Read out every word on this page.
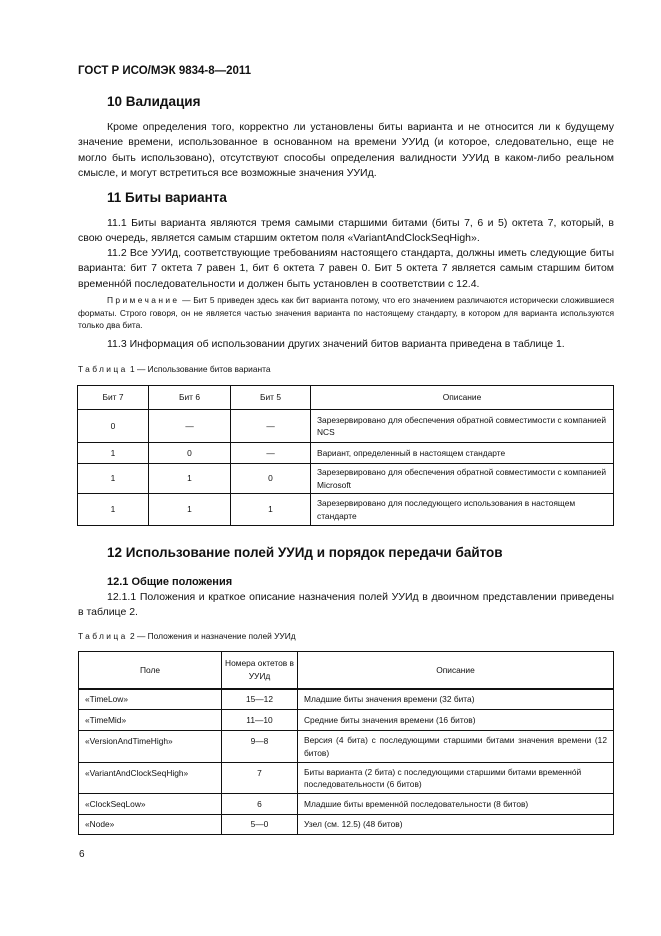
ГОСТ Р ИСО/МЭК 9834-8—2011
10 Валидация
Кроме определения того, корректно ли установлены биты варианта и не относится ли к будущему значение времени, использованное в основанном на времени УУИд (и которое, следовательно, еще не могло быть использовано), отсутствуют способы определения валидности УУИд в каком-либо реальном смысле, и могут встретиться все возможные значения УУИд.
11 Биты варианта
11.1 Биты варианта являются тремя самыми старшими битами (биты 7, 6 и 5) октета 7, который, в свою очередь, является самым старшим октетом поля «VariantAndClockSeqHigh».
11.2 Все УУИд, соответствующие требованиям настоящего стандарта, должны иметь следующие биты варианта: бит 7 октета 7 равен 1, бит 6 октета 7 равен 0. Бит 5 октета 7 является самым старшим битом временнóй последовательности и должен быть установлен в соответствии с 12.4.
Примечание — Бит 5 приведен здесь как бит варианта потому, что его значением различаются исторически сложившиеся форматы. Строго говоря, он не является частью значения варианта по настоящему стандарту, в котором для варианта используются только два бита.
11.3 Информация об использовании других значений битов варианта приведена в таблице 1.
Таблица 1 — Использование битов варианта
Бит 7	Бит 6	Бит 5	Описание
0	—	—	Зарезервировано для обеспечения обратной совместимости с компанией NCS
1	0	—	Вариант, определенный в настоящем стандарте
1	1	0	Зарезервировано для обеспечения обратной совместимости с компанией Microsoft
1	1	1	Зарезервировано для последующего использования в настоящем стандарте
12 Использование полей УУИд и порядок передачи байтов
12.1 Общие положения
12.1.1 Положения и краткое описание назначения полей УУИд в двоичном представлении приведены в таблице 2.
Таблица 2 — Положения и назначение полей УУИд
Поле	Номера октетов в УУИд	Описание
«TimeLow»	15—12	Младшие биты значения времени (32 бита)
«TimeMid»	11—10	Средние биты значения времени (16 битов)
«VersionAndTimeHigh»	9—8	Версия (4 бита) с последующими старшими битами значения времени (12 битов)
«VariantAndClockSeqHigh»	7	Биты варианта (2 бита) с последующими старшими битами временнóй последовательности (6 битов)
«ClockSeqLow»	6	Младшие биты временнóй последовательности (8 битов)
«Node»	5—0	Узел (см. 12.5) (48 битов)
6
